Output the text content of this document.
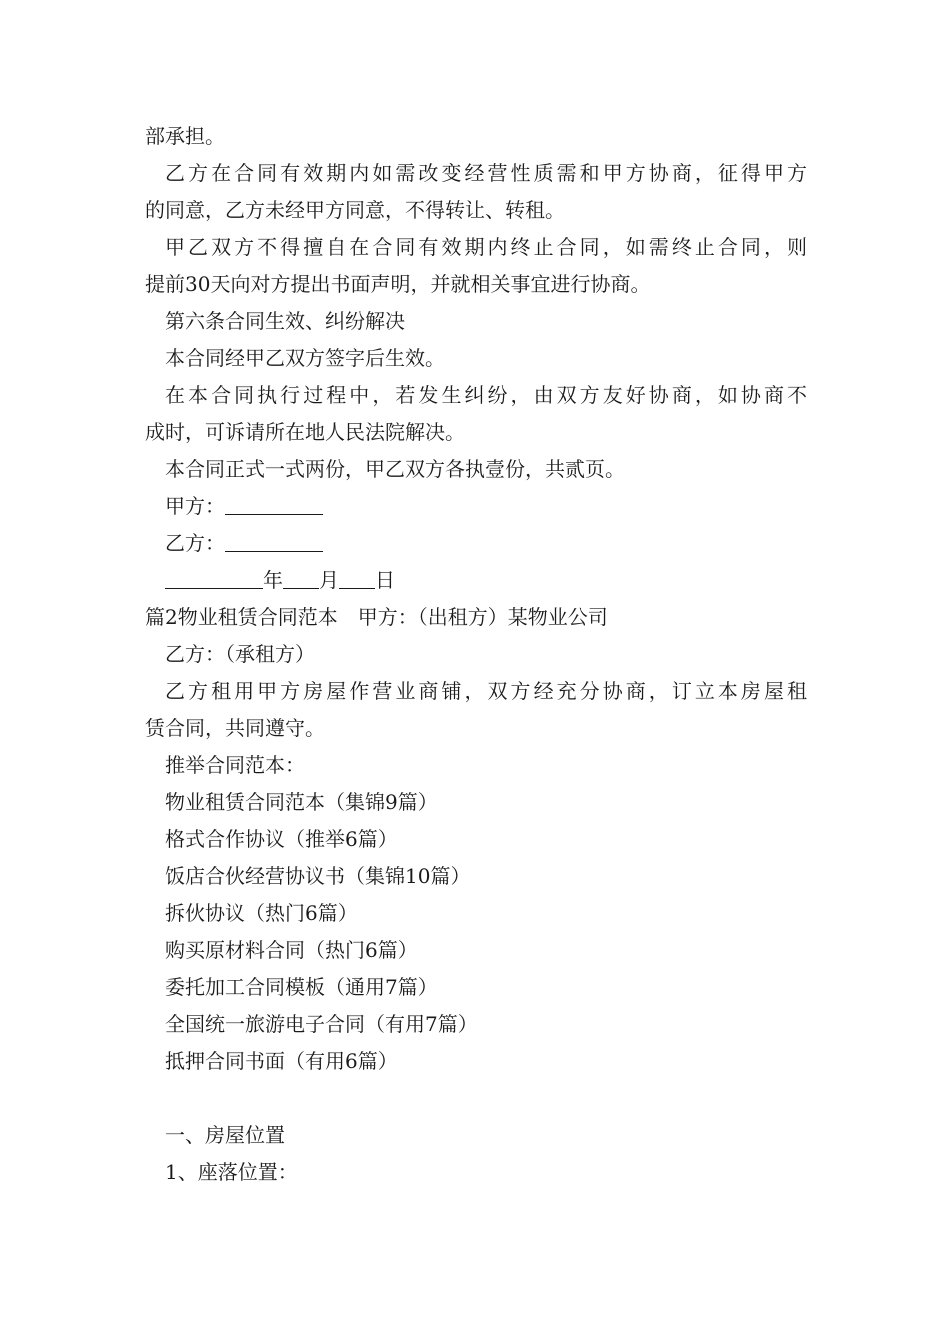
部承担。
乙方在合同有效期内如需改变经营性质需和甲方协商，征得甲方
的同意，乙方未经甲方同意，不得转让、转租。
甲乙双方不得擅自在合同有效期内终止合同，如需终止合同，则
提前30天向对方提出书面声明，并就相关事宜进行协商。
第六条合同生效、纠纷解决
本合同经甲乙双方签字后生效。
在本合同执行过程中，若发生纠纷，由双方友好协商，如协商不
成时，可诉请所在地人民法院解决。
本合同正式一式两份，甲乙双方各执壹份，共贰页。
甲方：
乙方：
年 月 日
篇2物业租赁合同范本 甲方：（出租方）某物业公司
乙方：（承租方）
乙方租用甲方房屋作营业商铺，双方经充分协商，订立本房屋租
赁合同，共同遵守。
推举合同范本：
物业租赁合同范本（集锦9篇）
格式合作协议（推举6篇）
饭店合伙经营协议书（集锦10篇）
拆伙协议（热门6篇）
购买原材料合同（热门6篇）
委托加工合同模板（通用7篇）
全国统一旅游电子合同（有用7篇）
抵押合同书面（有用6篇）
一、房屋位置
1、座落位置：
